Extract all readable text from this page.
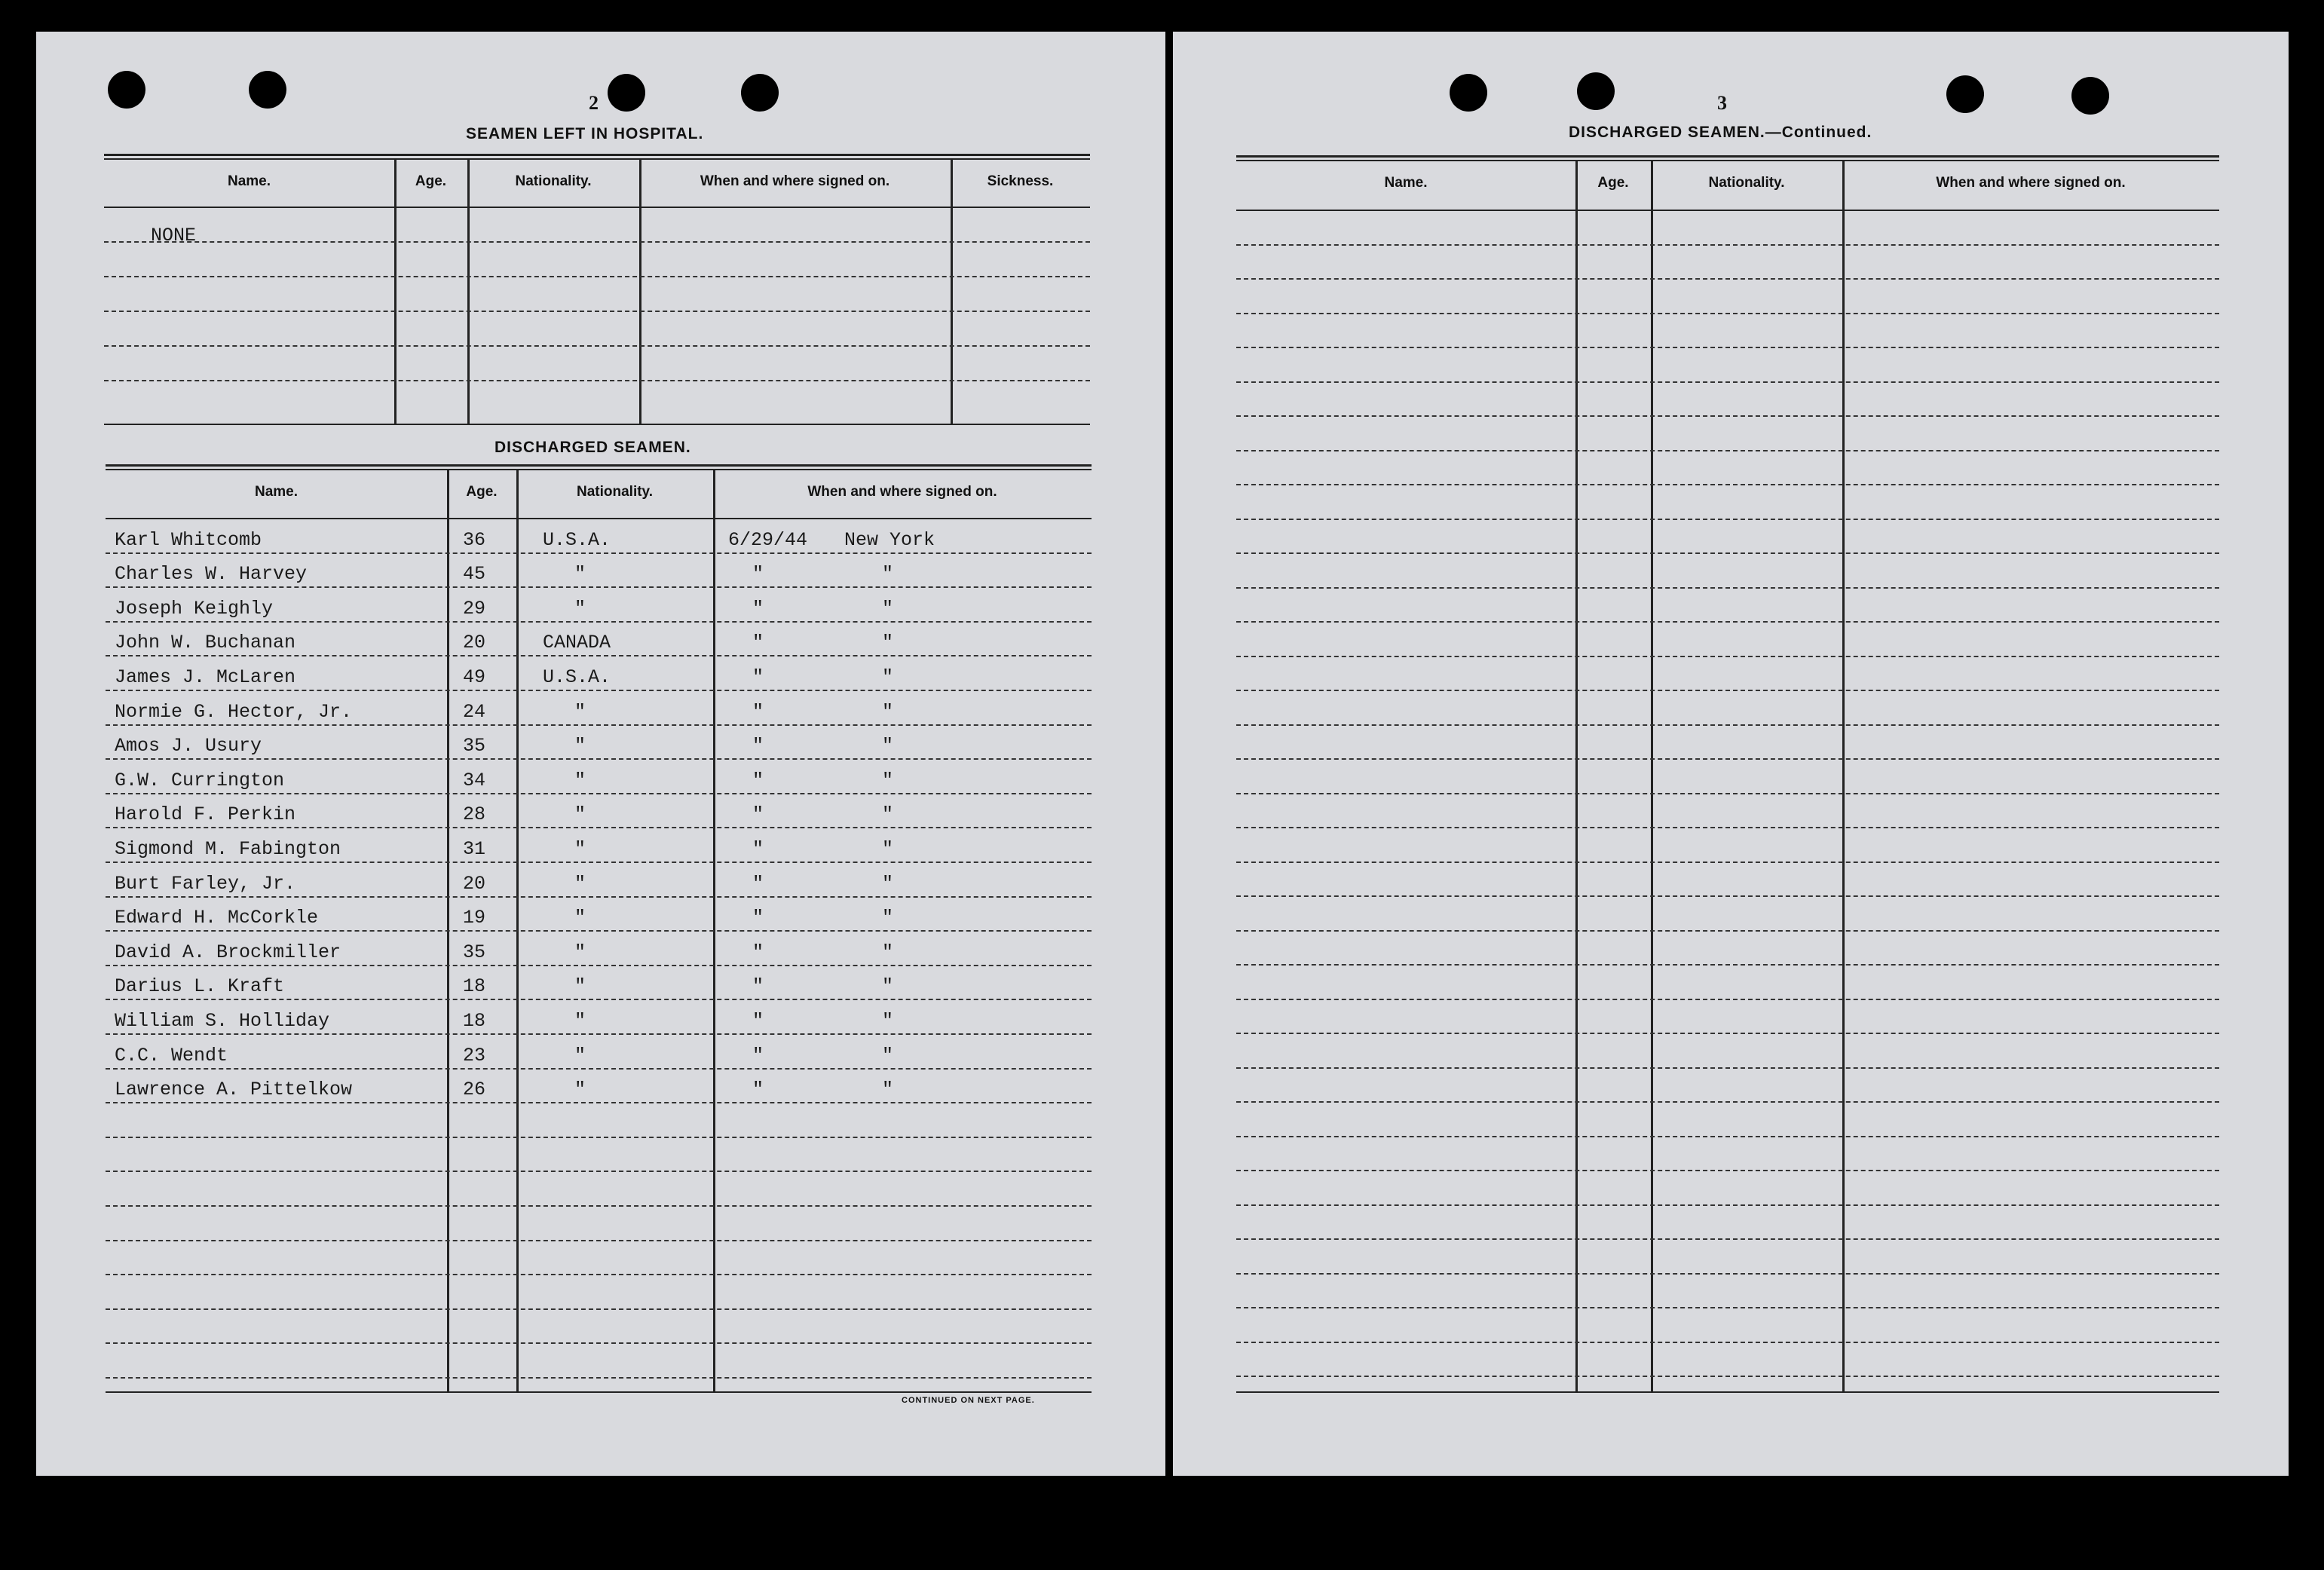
2
SEAMEN LEFT IN HOSPITAL.
Name.	Age.	Nationality.	When and where signed on.	Sickness.
NONE
DISCHARGED SEAMEN.
Name.	Age.	Nationality.	When and where signed on.
Karl Whitcomb	36	U.S.A.	6/29/44 New York
Charles W. Harvey	45	"	"	"
Joseph Keighly	29	"	"	"
John W. Buchanan	20	CANADA	"	"
James J. McLaren	49	U.S.A.	"	"
Normie G. Hector, Jr.	24	"	"	"
Amos J. Usury	35	"	"	"
G.W. Currington	34	"	"	"
Harold F. Perkin	28	"	"	"
Sigmond M. Fabington	31	"	"	"
Burt Farley, Jr.	20	"	"	"
Edward H. McCorkle	19	"	"	"
David A. Brockmiller	35	"	"	"
Darius L. Kraft	18	"	"	"
William S. Holliday	18	"	"	"
C.C. Wendt	23	"	"	"
Lawrence A. Pittelkow	26	"	"	"
CONTINUED ON NEXT PAGE.
3
DISCHARGED SEAMEN.—Continued.
Name.	Age.	Nationality.	When and where signed on.
